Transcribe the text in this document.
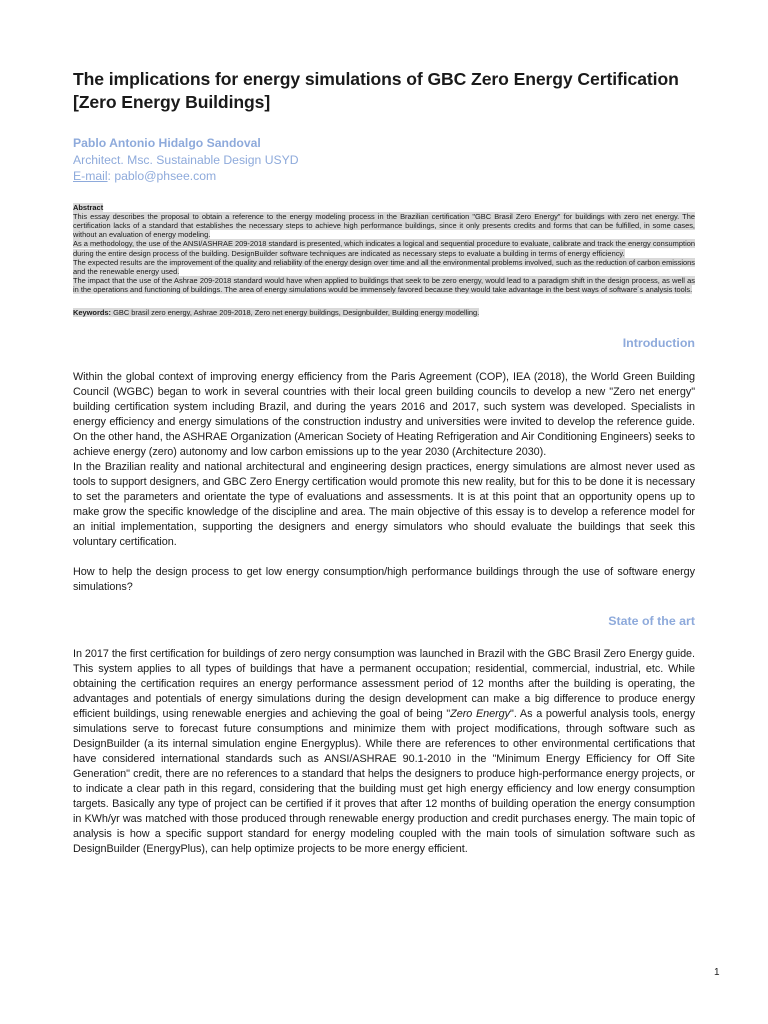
The implications for energy simulations of GBC Zero Energy Certification [Zero Energy Buildings]
Pablo Antonio Hidalgo Sandoval
Architect. Msc. Sustainable Design USYD
E-mail: pablo@phsee.com
Abstract

This essay describes the proposal to obtain a reference to the energy modeling process in the Brazilian certification "GBC Brasil Zero Energy" for buildings with zero net energy. The certification lacks of a standard that establishes the necessary steps to achieve high performance buildings, since it only presents credits and forms that can be fulfilled, in some cases, without an evaluation of energy modeling.

As a methodology, the use of the ANSI/ASHRAE 209-2018 standard is presented, which indicates a logical and sequential procedure to evaluate, calibrate and track the energy consumption during the entire design process of the building. DesignBuilder software techniques are indicated as necessary steps to evaluate a building in terms of energy efficiency.

The expected results are the improvement of the quality and reliability of the energy design over time and all the environmental problems involved, such as the reduction of carbon emissions and the renewable energy used.

The impact that the use of the Ashrae 209-2018 standard would have when applied to buildings that seek to be zero energy, would lead to a paradigm shift in the design process, as well as in the operations and functioning of buildings. The area of energy simulations would be immensely favored because they would take advantage in the best ways of software´s analysis tools.

Keywords: GBC brasil zero energy, Ashrae 209-2018, Zero net energy buildings, Designbuilder, Building energy modelling.
Introduction

Within the global context of improving energy efficiency from the Paris Agreement (COP), IEA (2018), the World Green Building Council (WGBC) began to work in several countries with their local green building councils to develop a new "Zero net energy" building certification system including Brazil, and during the years 2016 and 2017, such system was developed. Specialists in energy efficiency and energy simulations of the construction industry and universities were invited to develop the reference guide. On the other hand, the ASHRAE Organization (American Society of Heating Refrigeration and Air Conditioning Engineers) seeks to achieve energy (zero) autonomy and low carbon emissions up to the year 2030 (Architecture 2030).

In the Brazilian reality and national architectural and engineering design practices, energy simulations are almost never used as tools to support designers, and GBC Zero Energy certification would promote this new reality, but for this to be done it is necessary to set the parameters and orientate the type of evaluations and assessments. It is at this point that an opportunity opens up to make grow the specific knowledge of the discipline and area. The main objective of this essay is to develop a reference model for an initial implementation, supporting the designers and energy simulators who should evaluate the buildings that seek this voluntary certification.

How to help the design process to get low energy consumption/high performance buildings through the use of software energy simulations?

State of the art

In 2017 the first certification for buildings of zero nergy consumption was launched in Brazil with the GBC Brasil Zero Energy guide. This system applies to all types of buildings that have a permanent occupation; residential, commercial, industrial, etc. While obtaining the certification requires an energy performance assessment period of 12 months after the building is operating, the advantages and potentials of energy simulations during the design development can make a big difference to produce energy efficient buildings, using renewable energies and achieving the goal of being "Zero Energy". As a powerful analysis tools, energy simulations serve to forecast future consumptions and minimize them with project modifications, through software such as DesignBuilder (a its internal simulation engine Energyplus). While there are references to other environmental certifications that have considered international standards such as ANSI/ASHRAE 90.1-2010 in the "Minimum Energy Efficiency for Off Site Generation" credit, there are no references to a standard that helps the designers to produce high-performance energy projects, or to indicate a clear path in this regard, considering that the building must get high energy efficiency and low energy consumption targets. Basically any type of project can be certified if it proves that after 12 months of building operation the energy consumption in KWh/yr was matched with those produced through renewable energy production and credit purchases energy. The main topic of analysis is how a specific support standard for energy modeling coupled with the main tools of simulation software such as DesignBuilder (EnergyPlus), can help optimize projects to be more energy efficient.

1
